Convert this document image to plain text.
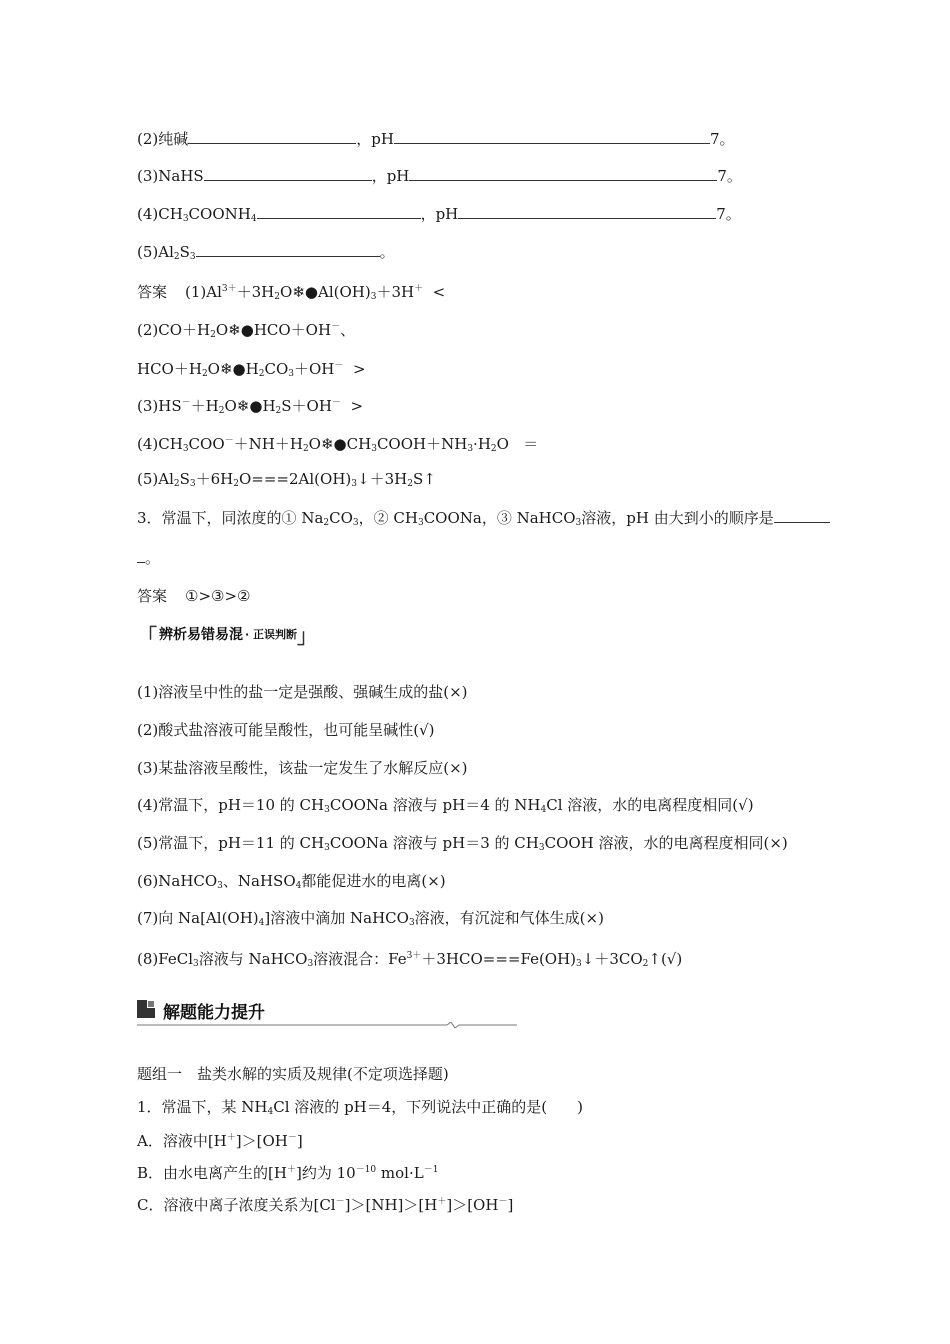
(2)纯碱	，pH	7。
(3)NaHS	，pH	7。
$(4)CH_3COONH_4$	，pH	7。
$(5)Al_2S_3$	。
答案 $(1)Al^{3+}+3H_2O❄●Al(OH)_3+3H^+$  <
$(2)CO+H_2O❄●HCO+OH^-$、
$HCO+H_2O❄●H_2CO_3+OH^-$  >
$(3)HS^-+H_2O❄●H_2S+OH^-$  >
$(4)CH_3COO^-+NH+H_2O❄●CH_3COOH+NH_3\cdot H_2O$   ＝
$(5)Al_2S_3+6H_2O===2Al(OH)_3↓+3H_2S↑$
3．常温下，同浓度的① $Na_2CO_3$，② $CH_3COONa$，③ NaHCO$_3$溶液，pH 由大到小的顺序是
。
答案 ①>③>②
「 辨析易错易混 · 正误判断 」
(1)溶液呈中性的盐一定是强酸、强碱生成的盐(×)
(2)酸式盐溶液可能呈酸性，也可能呈碱性(√)
(3)某盐溶液呈酸性，该盐一定发生了水解反应(×)
(4)常温下，pH＝10 的 $CH_3COONa$ 溶液与 pH＝4 的 $NH_4Cl$ 溶液，水的电离程度相同(√)
(5)常温下，pH＝11 的 $CH_3COONa$ 溶液与 pH＝3 的 $CH_3COOH$ 溶液，水的电离程度相同(×)
(6)NaHCO$_3$、NaHSO$_4$都能促进水的电离(×)
(7)向 $Na[Al(OH)_4]$溶液中滴加 NaHCO$_3$溶液，有沉淀和气体生成(×)
(8)FeCl$_3$溶液与 NaHCO$_3$溶液混合：$Fe^{3+}+3HCO===Fe(OH)_3↓+3CO_2↑(√)$
解题能力提升
题组一　盐类水解的实质及规律(不定项选择题)
1．常温下，某 $NH_4Cl$ 溶液的 pH＝4，下列说法中正确的是(　　)
A．溶液中[H＋]＞[OH－]
B．由水电离产生的[H＋]约为 $10^{-10}$ $mol\cdot L^{-1}$
C．溶液中离子浓度关系为[Cl－]＞[NH]＞[H＋]＞[OH－]
